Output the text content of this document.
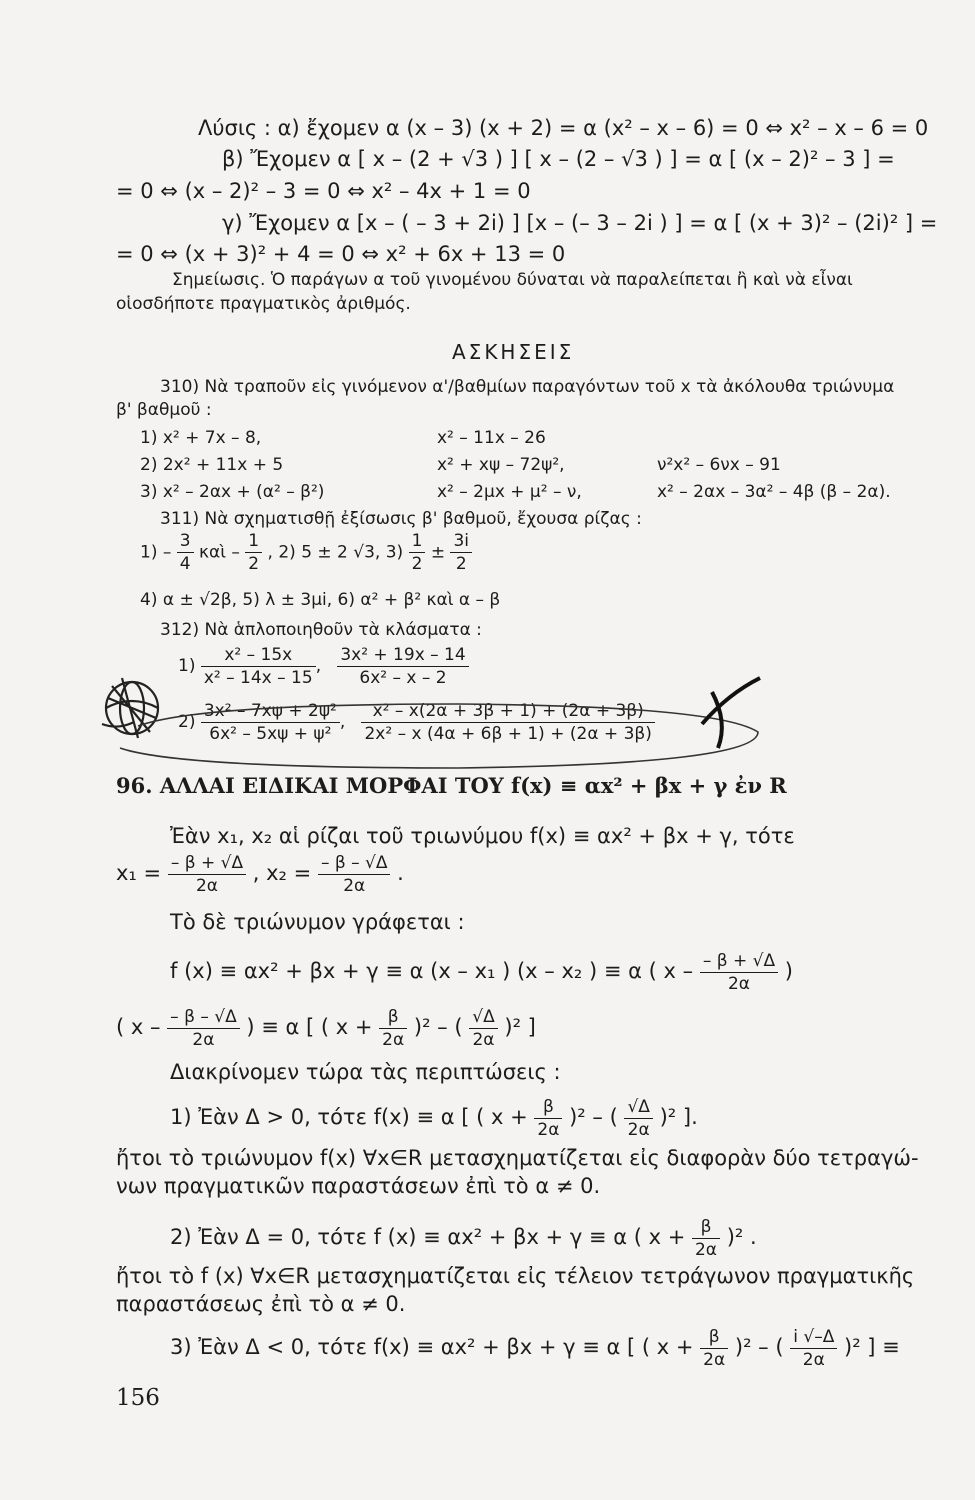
Λύσις : α) ἔχομεν α (x – 3) (x + 2) = α (x² – x – 6) = 0 ⇔ x² – x – 6 = 0
β) Ἔχομεν α [ x – (2 + √3 ) ] [ x – (2 – √3 ) ] = α [ (x – 2)² – 3 ] =
= 0 ⇔ (x – 2)² – 3 = 0 ⇔ x² – 4x + 1 = 0
γ) Ἔχομεν α [x – ( – 3 + 2i) ] [x – (– 3 – 2i ) ] = α [ (x + 3)² – (2i)² ] =
= 0 ⇔ (x + 3)² + 4 = 0 ⇔ x² + 6x + 13 = 0
Σημείωσις. Ὁ παράγων α τοῦ γινομένου δύναται νὰ παραλείπεται ἢ καὶ νὰ εἶναι
οἱοσδήποτε πραγματικὸς ἀριθμός.
ΑΣΚΗΣΕΙΣ
310) Νὰ τραποῦν εἰς γινόμενον α'/βαθμίων παραγόντων τοῦ x τὰ ἀκόλουθα τριώνυμα
β' βαθμοῦ :
1) x² + 7x – 8,	x² – 11x – 26
2) 2x² + 11x + 5	x² + xψ – 72ψ²,	ν²x² – 6νx – 91
3) x² – 2αx + (α² – β²)	x² – 2μx + μ² – ν,	x² – 2αx – 3α² – 4β (β – 2α).
311) Νὰ σχηματισθῇ ἐξίσωσις β' βαθμοῦ, ἔχουσα ρίζας :
$1) - \frac{3}{4}$ καὶ – $\frac{1}{2}$ , 2) 5 ± 2 √3, $3) \frac{1}{2} \pm \frac{3i}{2}$
4) α ± √2β, 5) λ ± 3μi, 6) α² + β² καὶ α – β
312) Νὰ ἁπλοποιηθοῦν τὰ κλάσματα :
$1) \frac{\text{x² – 15x}}{\text{x² – 14x – 15}}$ , $\frac{\text{3x² + 19x – 14}}{\text{6x² – x – 2}}$
$2) \frac{\text{3x² – 7xψ + 2ψ²}}{\text{6x² – 5xψ + ψ²}}$ , $\frac{\text{x² – x(2α + 3β + 1) + (2α + 3β)}}{\text{2x² – x (4α + 6β + 1) + (2α + 3β)}}$
96. ΑΛΛΑΙ ΕΙΔΙΚΑΙ ΜΟΡΦΑΙ ΤΟΥ f(x) ≡ αx² + βx + γ ἐν R
Ἐὰν x₁, x₂ αἱ ρίζαι τοῦ τριωνύμου f(x) ≡ αx² + βx + γ, τότε
$x_1 = \frac{- \beta + √\Delta}{2\alpha}$ , $x_2 = \frac{- \beta - √\Delta}{2\alpha}$ .
Τὸ δὲ τριώνυμον γράφεται :
f (x) ≡ αx² + βx + γ ≡ α (x – x₁ ) (x – x₂ ) ≡ α ( x – $\frac{- \beta + √\Delta}{2\alpha}$ )
( x – $\frac{- \beta - √\Delta}{2\alpha}$ ) ≡ α [ ( $x + \frac{\beta}{2\alpha} )^2$ – ( $\frac{√\Delta}{2\alpha} )^2$ ]
Διακρίνομεν τώρα τὰς περιπτώσεις :
1) Ἐὰν Δ > 0, τότε f(x) ≡ α [ ( $x + \frac{\beta}{2\alpha} )^2$ – ( $\frac{√\Delta}{2\alpha} )^2$ ].
ἤτοι τὸ τριώνυμον f(x) ∀x∈R μετασχηματίζεται εἰς διαφορὰν δύο τετραγώ-
νων πραγματικῶν παραστάσεων ἐπὶ τὸ α ≠ 0.
2) Ἐὰν Δ = 0, τότε f (x) ≡ αx² + βx + γ ≡ α ( $x + \frac{\beta}{2\alpha} )^2$ .
ἤτοι τὸ f (x) ∀x∈R μετασχηματίζεται εἰς τέλειον τετράγωνον πραγματικῆς
παραστάσεως ἐπὶ τὸ α ≠ 0.
3) Ἐὰν Δ < 0, τότε f(x) ≡ αx² + βx + γ ≡ α [ ( $x + \frac{\beta}{2\alpha} )^2$ – ( $\frac{i √-\Delta}{2\alpha} )^2$ ] ≡
156
